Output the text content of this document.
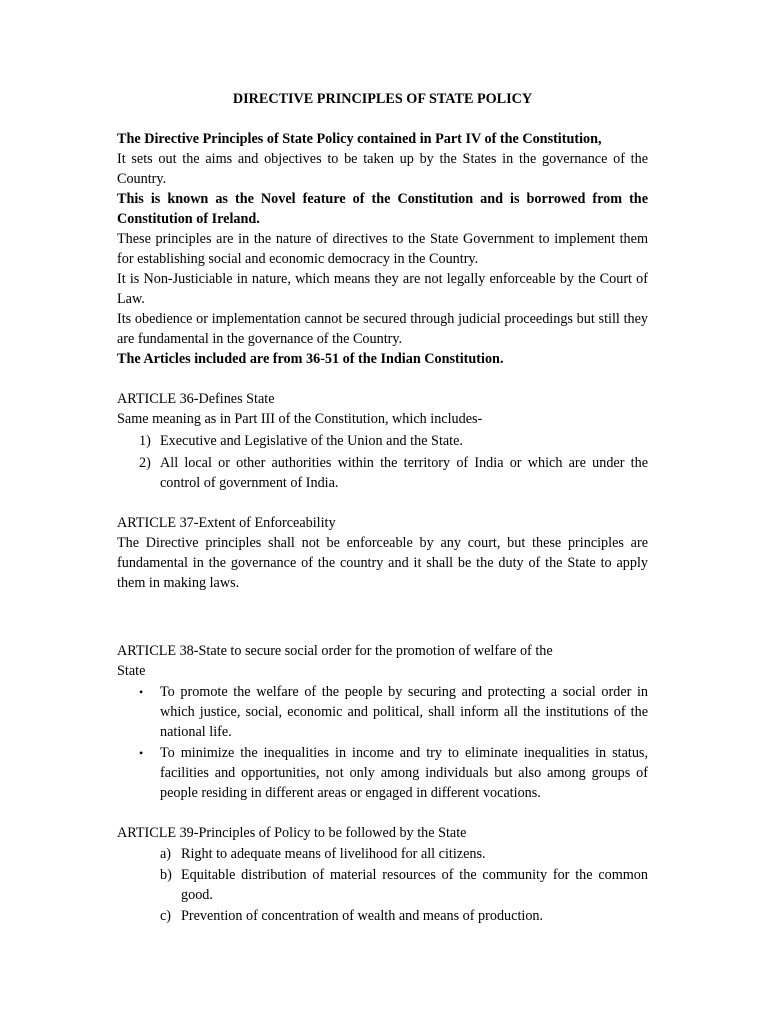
DIRECTIVE PRINCIPLES OF STATE POLICY

The Directive Principles of State Policy contained in Part IV of the Constitution,

It sets out the aims and objectives to be taken up by the States in the governance of the Country.

This is known as the Novel feature of the Constitution and is borrowed from the Constitution of Ireland.

These principles are in the nature of directives to the State Government to implement them for establishing social and economic democracy in the Country.

It is Non-Justiciable in nature, which means they are not legally enforceable by the Court of Law.

Its obedience or implementation cannot be secured through judicial proceedings but still they are fundamental in the governance of the Country.

The Articles included are from 36-51 of the Indian Constitution.

ARTICLE 36-Defines State

Same meaning as in Part III of the Constitution, which includes-

1) Executive and Legislative of the Union and the State.
2) All local or other authorities within the territory of India or which are under the control of government of India.

ARTICLE 37-Extent of Enforceability

The Directive principles shall not be enforceable by any court, but these principles are fundamental in the governance of the country and it shall be the duty of the State to apply them in making laws.

ARTICLE 38-State to secure social order for the promotion of welfare of the

State

• To promote the welfare of the people by securing and protecting a social order in which justice, social, economic and political, shall inform all the institutions of the national life.
• To minimize the inequalities in income and try to eliminate inequalities in status, facilities and opportunities, not only among individuals but also among groups of people residing in different areas or engaged in different vocations.

ARTICLE 39-Principles of Policy to be followed by the State

a) Right to adequate means of livelihood for all citizens.
b) Equitable distribution of material resources of the community for the common good.
c) Prevention of concentration of wealth and means of production.
